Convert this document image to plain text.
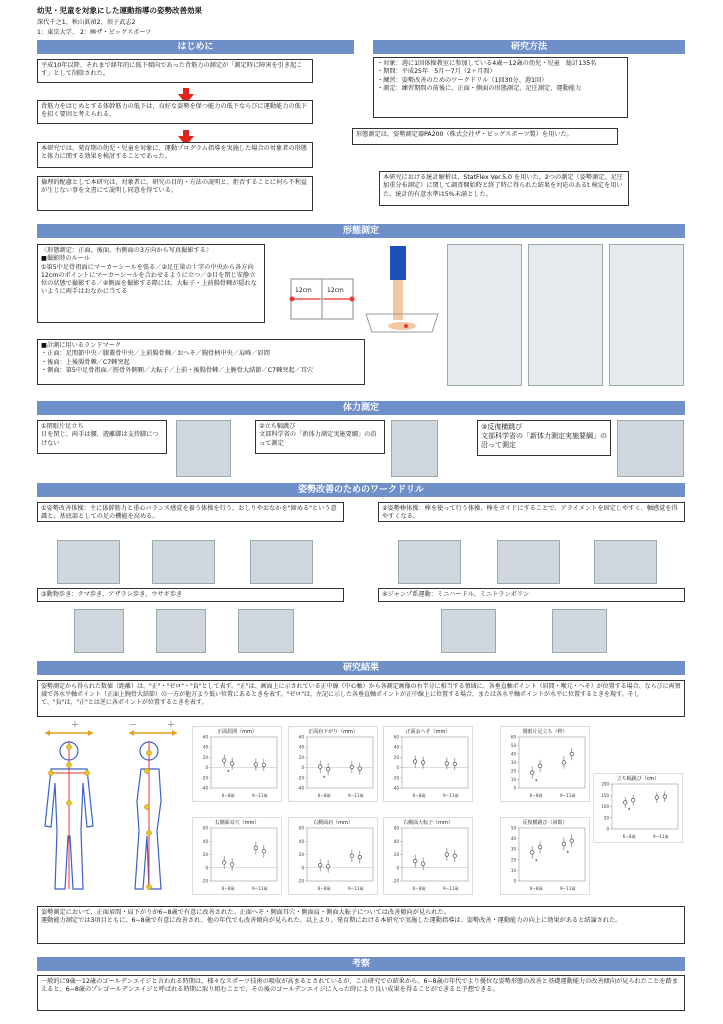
幼児・児童を対象にした運動指導の姿勢改善効果
深代千之1、秋山眞禎2、須子武志2
1：東京大学、 2：㈱ザ・ビッグスポーツ
はじめに
平成10年以降、それまで経年的に低下傾向であった背筋力の測定が「測定時に障害を引き起こす」として削除された。
背筋力をはじめとする体幹筋力の低下は，良好な姿勢を保つ能力の低下ならびに運動能力の低下を招く要因と考えられる。
本研究では、発育期の幼児・児童を対象に、運動プログラム指導を実施した場合の対象者の形態と体力に関する効果を検討することであった。
倫理的配慮として本研究は、対象者に、研究の目的・方法の説明と、拒否することに何ら不利益が生じない事を文書にて説明し同意を得ている。
研究方法
・対象：週に1回体操教室に参加している4歳～12歳の幼児・児童　総計135名
・期間：平成25年　5月～7月（2ヶ月間）
・練習：姿勢改善のためのワークドリル（1回30分、週1回）
・測定：練習期間の前後に、正面・側面の形態測定、足圧測定、運動能力
形態測定は、姿勢測定器PA200（株式会社ザ・ビッグスポーツ製）を用いた。
本研究における統計解析は、StatFlex Ver.5.0 を用いた。2つの測定（姿勢測定、足圧加重分布測定）に関して調査開始時と終了時に得られた結果を対応のあるt 検定を用いた。統計的有意水準は5%未満とした。
形態測定
〈形態測定：正面、後面、右側面の3方向から写真撮影する〉
■撮影時のルール
①第5中足骨祖面にマーカーシールを張る／②足圧量の十字の中央から各方向12cmのポイントにマーカーシールを合わせるように立つ／③目を閉じ安静立位の状態で撮影する／④側面を撮影する際には、大転子・上前腸骨棘が隠れないように両手はおなかに当てる
■計測に用いるランドマーク
・正面：足関節中央／膝蓋骨中央／上前腸骨棘／おへそ／胸骨柄中央／肩峰／眉間
・後面：上後腸骨棘／C7棘突起
・側面：第5中足骨祖面／脛骨外側顆／大転子／上前・後腸骨棘／上腕骨大結節／C7棘突起／耳穴
12cm	12cm
体力測定
①閉眼片足立ち
目を閉じ、両手は腰、遊離脚は支持脚につけない
②立ち幅跳び
文部科学省の「新体力測定実施要綱」の沿って測定
③反復横跳び
文部科学省の「新体力測定実施要綱」の沿って測定
姿勢改善のためのワークドリル
①姿勢改善体操：主に体幹筋力と重心バランス感覚を養う体操を行う。おしりやおなかを"締める"という意識と、基底部としての足の機能を高める。
②姿勢棒体操：棒を使って行う体操、棒をガイドにすることで、アライメントを固定しやすく、軸感覚を得やすくなる。
③動物歩き：クマ歩き、アザラシ歩き、ウサギ歩き	④ジャンプ系運動：ミニハードル、ミニトランポリン
研究結果
姿勢測定から得られた数値（距離）は、"正"・"ゼロ"・"負"として表す。"正"は、画面上に示されている正中線（中心軸）から各測定画像の右半分に相当する領域に、各垂直軸ポイント（眉間・喉元・へそ）が位置する場合、ならびに両領域で各水平軸ポイント（正面上腕骨大結節）の一方が他方より低い位置にあるときを表す。"ゼロ"は、左記に示した各垂直軸ポイントが正中線上に位置する場合、または各水平軸ポイントが水平に位置するときを現す。そして、"負"は、"正"とは逆に各ポイントが位置するときを表す。
＋	－	＋
正面眉間（mm）
60
40
20
0
-20
-40
*
6−8歳	9−11歳
正面肩下がり（mm）
60
40
20
0
-20
-40
*
6−8歳	9−11歳
正面おへそ（mm）
60
40
20
0
-20
-40
6−8歳	9−11歳
閉眼片足立ち（秒）
60
50
40
30
20
10
0
*
6−8歳	9−11歳
立ち幅跳び（cm）
200
150
100
50
0
*
6−8歳	9−11歳
右側面耳穴（mm）
60
40
20
0
-20
6−8歳	9−11歳
右側面肩（mm）
60
40
20
0
-20
6−8歳	9−11歳
右側面大転子（mm）
60
40
20
0
-20
6−8歳	9−11歳
反復横跳び（回数）
50
40
30
20
10
0
*
*
6−8歳	9−11歳
姿勢測定において、正面眉間・肩下がりが6−8歳で有意に改善された。正面へそ・側面耳穴・側面肩・側面大転子については改善傾向が見られた。
運動能力測定では3項目ともに、6−8歳で有意に改善され、他の年代でも改善傾向が見られた。以上より、発育期における本研究で実施した運動指導は、姿勢改善・運動能力の向上に効果があると結論された。
考察
一般的に9歳～12歳のゴールデンエイジと言われる時期は、様々なスポーツ技術の吸収が高まるとされているが、この研究での結果から、6−8歳の年代でより優位な姿勢形態の改善と基礎運動能力の改善傾向が見られたことを踏まえると、6−8歳のプレゴールデンエイジと呼ばれる時期に取り組むことで、その後のゴールデンエイジに入った時により良い成果を得ることができると予想できる。
